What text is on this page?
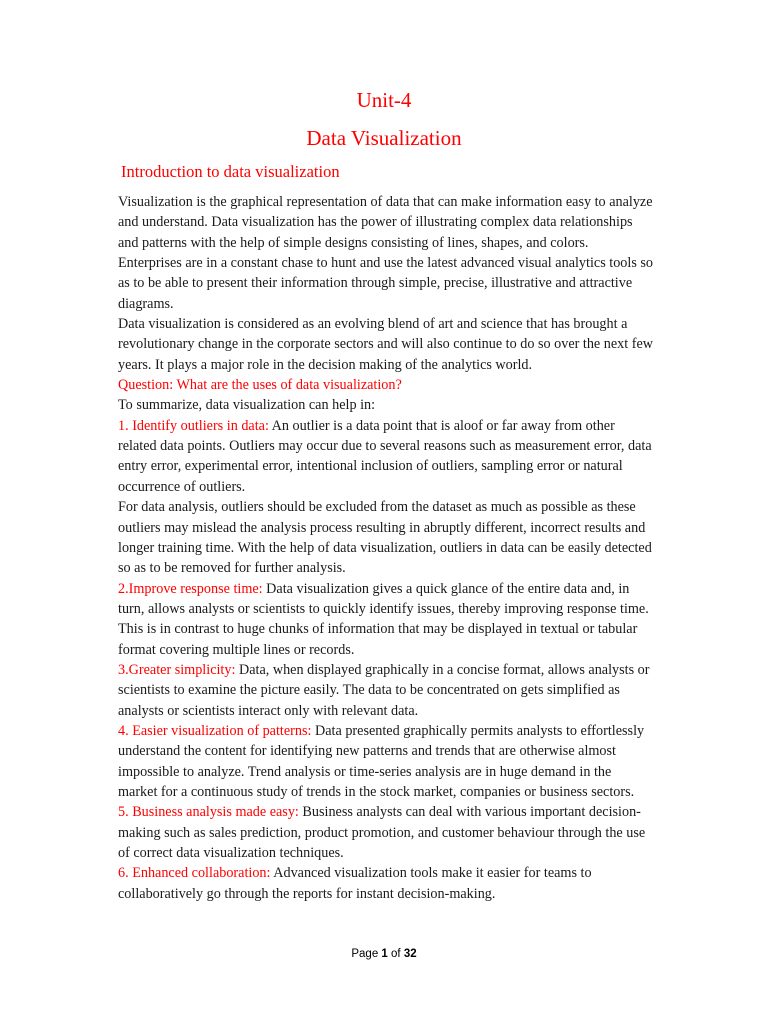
Unit-4
Data Visualization
Introduction to data visualization

Visualization is the graphical representation of data that can make information easy to analyze and understand. Data visualization has the power of illustrating complex data relationships and patterns with the help of simple designs consisting of lines, shapes, and colors.

Enterprises are in a constant chase to hunt and use the latest advanced visual analytics tools so as to be able to present their information through simple, precise, illustrative and attractive diagrams.

Data visualization is considered as an evolving blend of art and science that has brought a revolutionary change in the corporate sectors and will also continue to do so over the next few years. It plays a major role in the decision making of the analytics world.

Question: What are the uses of data visualization?

To summarize, data visualization can help in:

1. Identify outliers in data: An outlier is a data point that is aloof or far away from other related data points. Outliers may occur due to several reasons such as measurement error, data entry error, experimental error, intentional inclusion of outliers, sampling error or natural occurrence of outliers.

For data analysis, outliers should be excluded from the dataset as much as possible as these outliers may mislead the analysis process resulting in abruptly different, incorrect results and longer training time. With the help of data visualization, outliers in data can be easily detected so as to be removed for further analysis.

2.Improve response time: Data visualization gives a quick glance of the entire data and, in turn, allows analysts or scientists to quickly identify issues, thereby improving response time. This is in contrast to huge chunks of information that may be displayed in textual or tabular format covering multiple lines or records.

3.Greater simplicity: Data, when displayed graphically in a concise format, allows analysts or scientists to examine the picture easily. The data to be concentrated on gets simplified as analysts or scientists interact only with relevant data.

4. Easier visualization of patterns: Data presented graphically permits analysts to effortlessly understand the content for identifying new patterns and trends that are otherwise almost impossible to analyze. Trend analysis or time-series analysis are in huge demand in the market for a continuous study of trends in the stock market, companies or business sectors.

5. Business analysis made easy: Business analysts can deal with various important decision-making such as sales prediction, product promotion, and customer behaviour through the use of correct data visualization techniques.

6. Enhanced collaboration: Advanced visualization tools make it easier for teams to collaboratively go through the reports for instant decision-making.

Page 1 of 32
